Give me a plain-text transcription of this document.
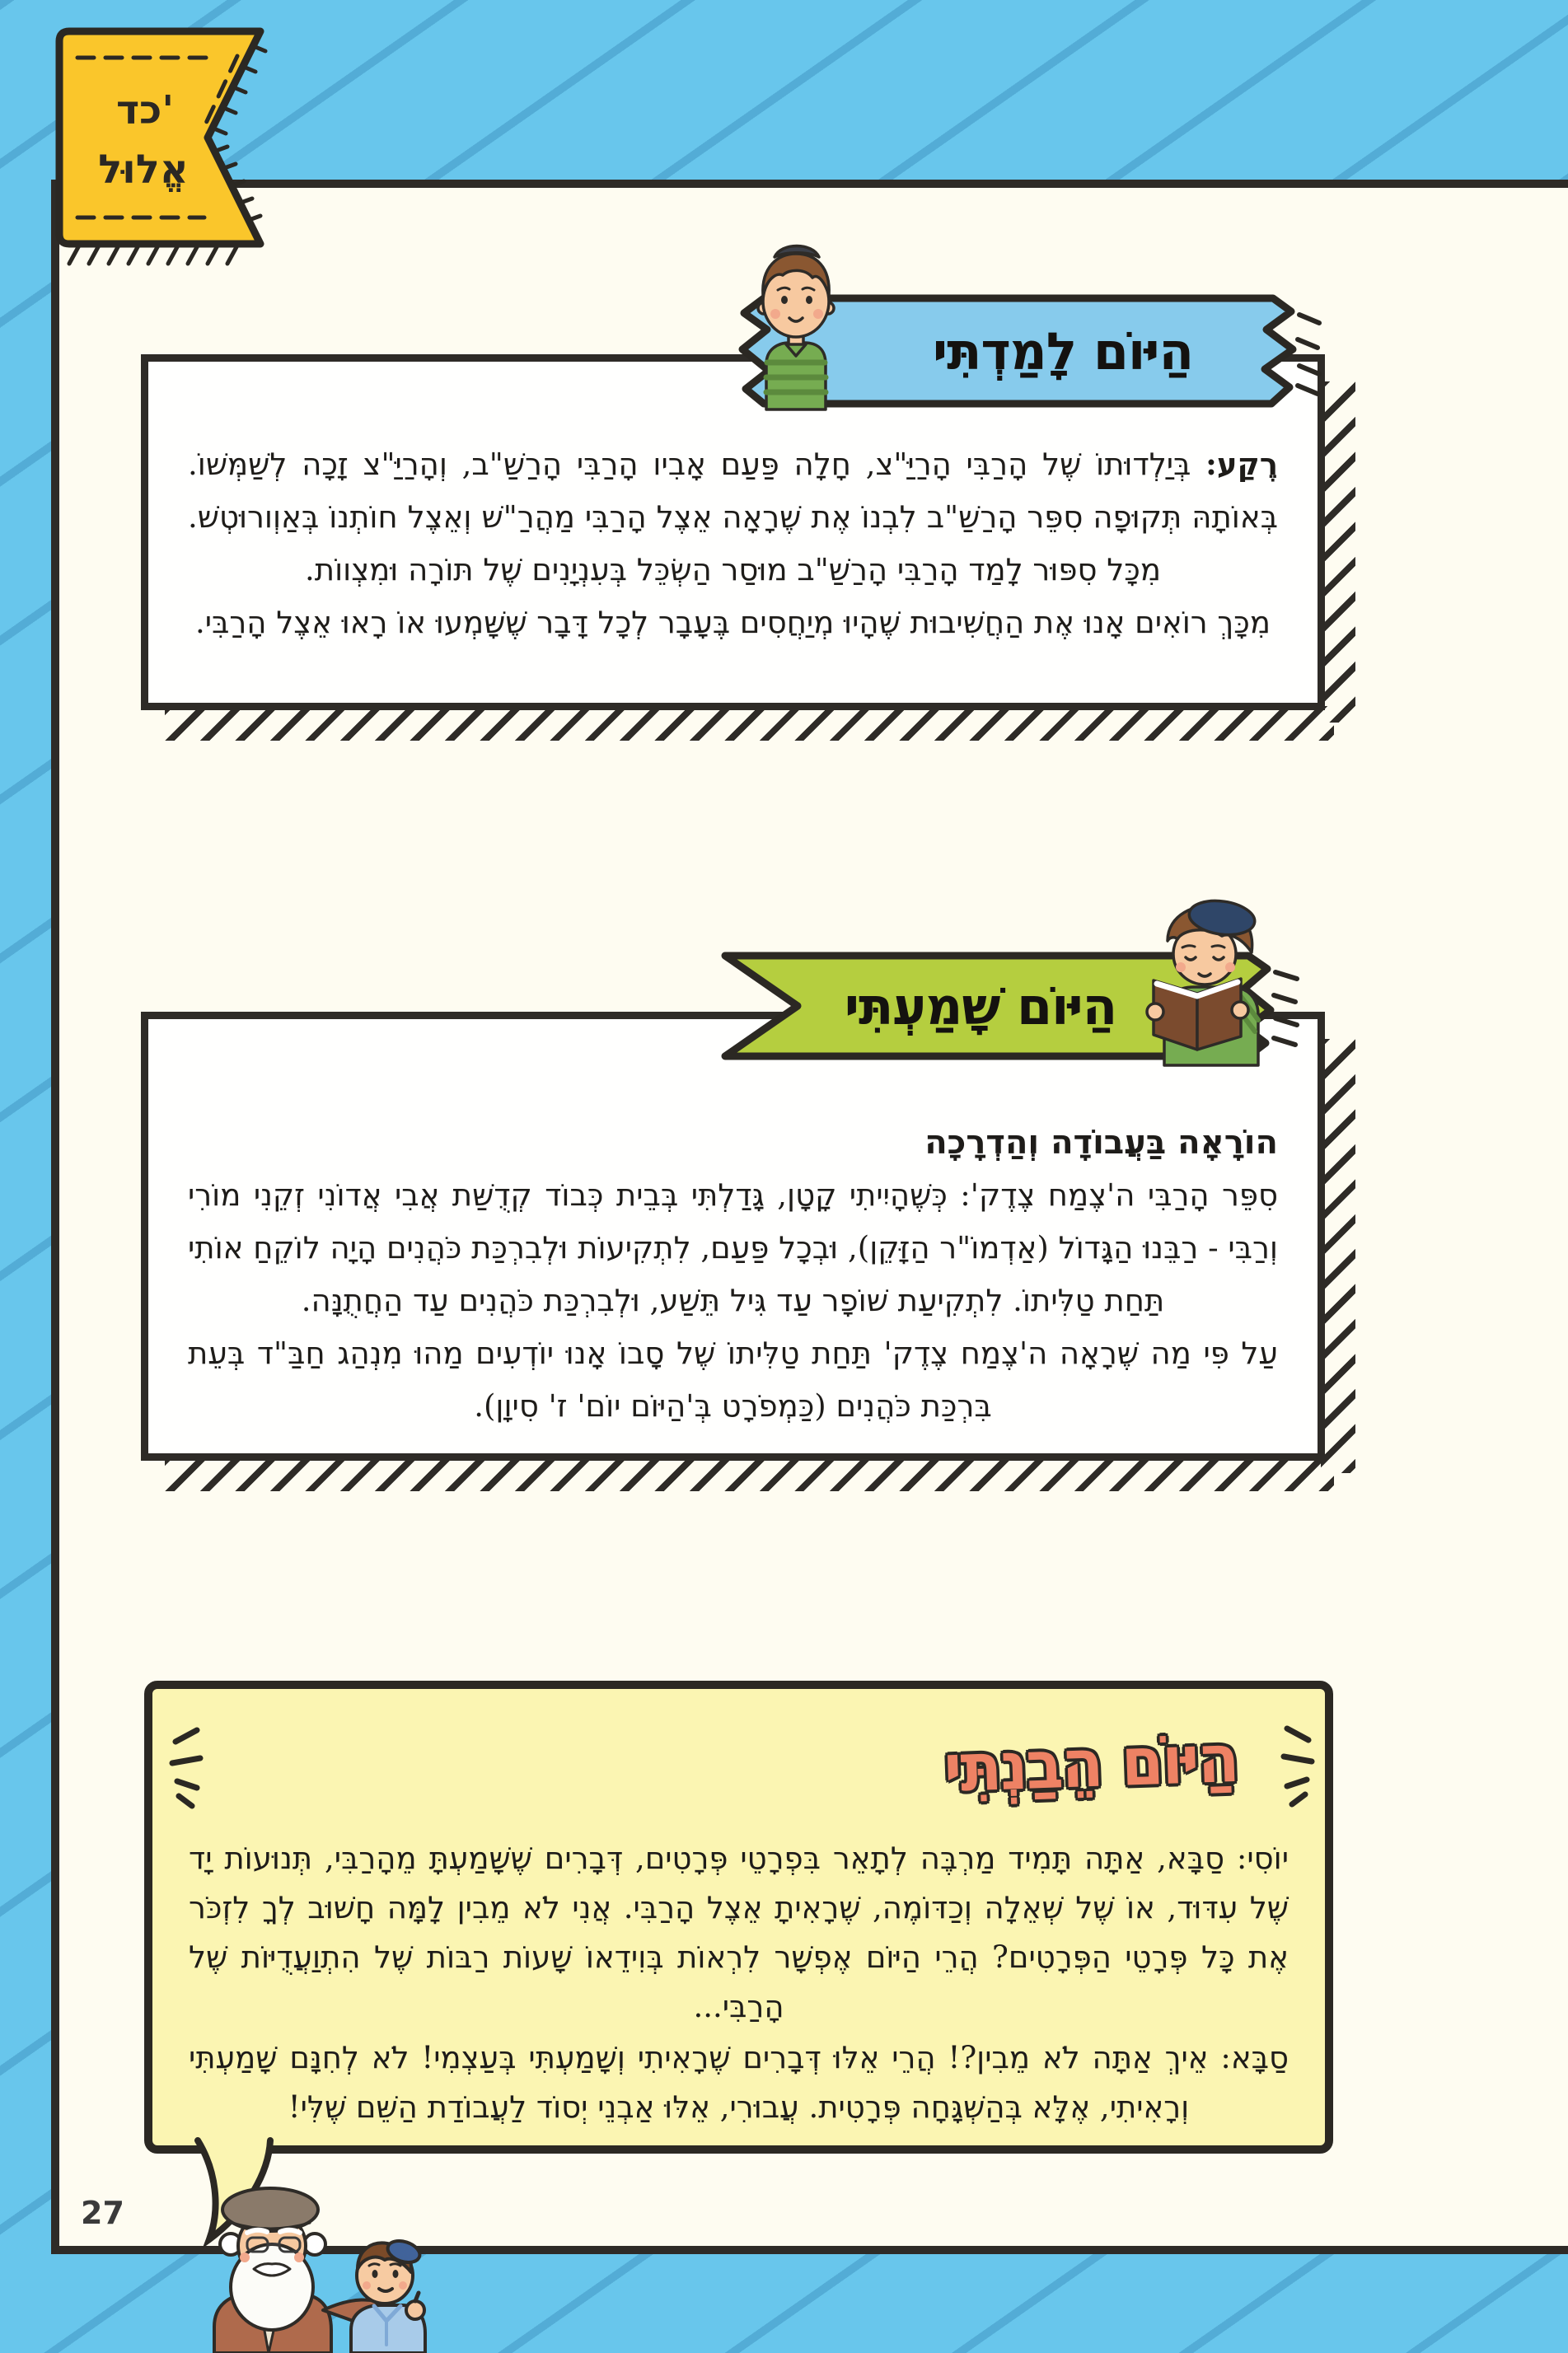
רֶקַע: בְּיַלְדוּתוֹ שֶׁל הָרַבִּי הָרַיַּ"צ, חָלָה פַּעַם אָבִיו הָרַבִּי הָרַשַׁ"ב, וְהָרַיַּ"צ זָכָה לְשַׁמְּשׁוֹ. בְּאוֹתָהּ תְּקוּפָה סִפֵּר הָרַשַׁ"ב לִבְנוֹ אֶת שֶׁרָאָה אֵצֶל הָרַבִּי מַהֲרַ"שׁ וְאֵצֶל חוֹתְנוֹ בְּאַוְורוּטְשׁ. מִכָּל סִפּוּר לָמַד הָרַבִּי הָרַשַׁ"ב מוּסַר הַשְׂכֵּל בְּעִנְיָנִים שֶׁל תּוֹרָה וּמִצְווֹת.

מִכָּךְ רוֹאִים אָנוּ אֶת הַחֲשִׁיבוּת שֶׁהָיוּ מְיַחֲסִים בֶּעָבָר לְכָל דָּבָר שֶׁשָּׁמְעוּ אוֹ רָאוּ אֵצֶל הָרַבִּי.

הַיּוֹם לָמַדְתִּי

הוֹרָאָה בַּעֲבוֹדָה וְהַדְרָכָה

סִפֵּר הָרַבִּי ה'צֶמַח צֶדֶק': כְּשֶׁהָיִיתִי קָטָן, גָּדַלְתִּי בְּבֵית כְּבוֹד קְדֻשַּׁת אֲבִי אֲדוֹנִי זְקֵנִי מוֹרִי וְרַבִּי - רַבֵּנוּ הַגָּדוֹל (אַדְמוֹ"ר הַזָּקֵן), וּבְכָל פַּעַם, לִתְקִיעוֹת וּלְבִרְכַּת כֹּהֲנִים הָיָה לוֹקֵחַ אוֹתִי תַּחַת טַלִּיתוֹ. לִתְקִיעַת שׁוֹפָר עַד גִּיל תֵּשַׁע, וּלְבִרְכַּת כֹּהֲנִים עַד הַחֲתֻנָּה.

עַל פִּי מַה שֶּׁרָאָה ה'צֶמַח צֶדֶק' תַּחַת טַלִּיתוֹ שֶׁל סָבוֹ אָנוּ יוֹדְעִים מַהוּ מִנְהַג חַבַּ"ד בְּעֵת בִּרְכַּת כֹּהֲנִים (כַּמְפֹרָט בְּ'הַיּוֹם יוֹם' ז' סִיוָן).

הַיּוֹם שָׁמַעְתִּי
כד'
אֱלוּל
הַיּוֹם הֵבַנְתִּי

יוֹסִי: סַבָּא, אַתָּה תָּמִיד מַרְבֶּה לְתָאֵר בִּפְרָטֵי פְּרָטִים, דְּבָרִים שֶׁשָּׁמַעְתָּ מֵהָרַבִּי, תְּנוּעוֹת יָד שֶׁל עִדּוּד, אוֹ שֶׁל שְׁאֵלָה וְכַדּוֹמֶה, שֶׁרָאִיתָ אֵצֶל הָרַבִּי. אֲנִי לֹא מֵבִין לָמָּה חָשׁוּב לְךָ לִזְכֹּר אֶת כָּל פְּרָטֵי הַפְּרָטִים? הֲרֵי הַיּוֹם אֶפְשָׁר לִרְאוֹת בְּוִידֵאוֹ שָׁעוֹת רַבּוֹת שֶׁל הִתְוַעֲדֻיּוֹת שֶׁל הָרַבִּי...

סַבָּא: אֵיךְ אַתָּה לֹא מֵבִין?! הֲרֵי אֵלּוּ דְּבָרִים שֶׁרָאִיתִי וְשָׁמַעְתִּי בְּעַצְמִי! לֹא לְחִנָּם שָׁמַעְתִּי וְרָאִיתִי, אֶלָּא בְּהַשְׁגָּחָה פְּרָטִית. עֲבוּרִי, אֵלּוּ אַבְנֵי יְסוֹד לַעֲבוֹדַת הַשֵּׁם שֶׁלִּי!

27
